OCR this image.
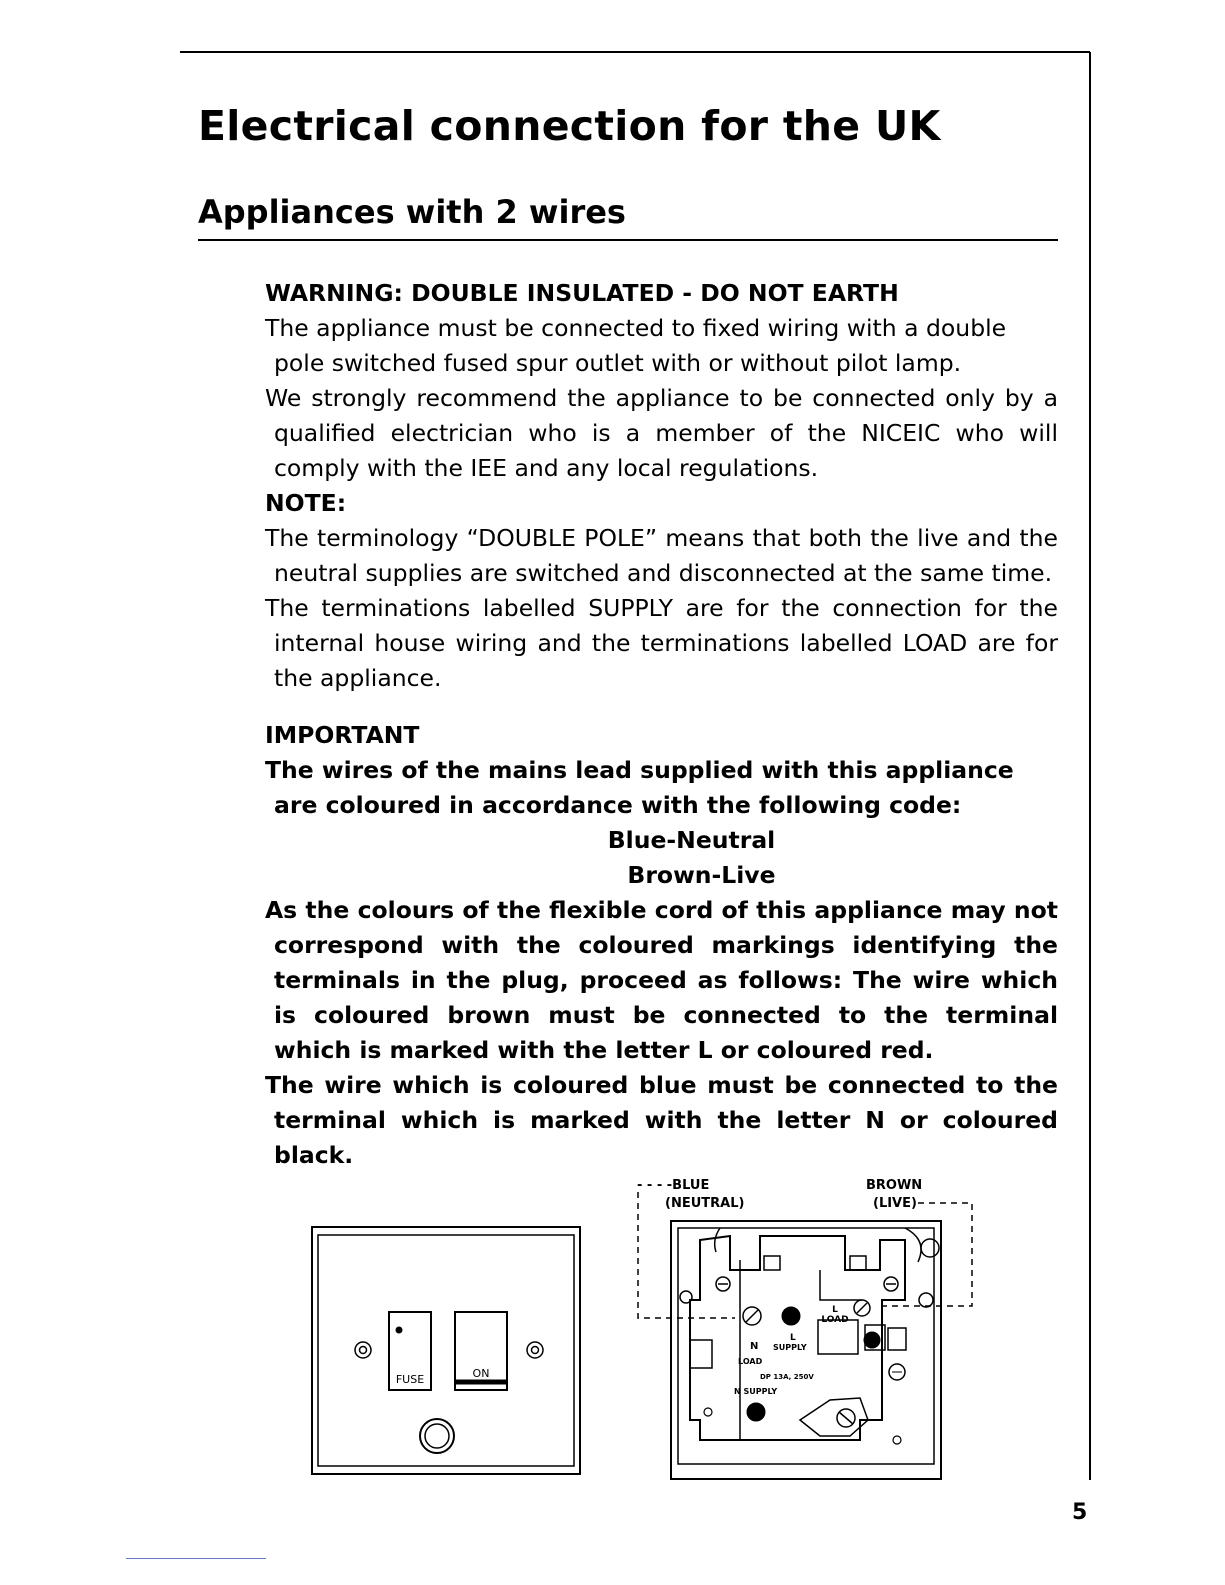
Electrical connection for the UK
Appliances with 2 wires

WARNING: DOUBLE INSULATED - DO NOT EARTH

The appliance must be connected to fixed wiring with a double pole switched fused spur outlet with or without pilot lamp.

We strongly recommend the appliance to be connected only by a qualified electrician who is a member of the NICEIC who will comply with the IEE and any local regulations.

NOTE:

The terminology “DOUBLE POLE” means that both the live and the neutral supplies are switched and disconnected at the same time.

The terminations labelled SUPPLY are for the connection for the internal house wiring and the terminations labelled LOAD are for the appliance.

IMPORTANT

The wires of the mains lead supplied with this appliance are coloured in accordance with the following code:

Blue-Neutral

Brown-Live

As the colours of the flexible cord of this appliance may not correspond with the coloured markings identifying the terminals in the plug, proceed as follows: The wire which is coloured brown must be connected to the terminal which is marked with the letter L or coloured red.

The wire which is coloured blue must be connected to the terminal which is marked with the letter N or coloured black.

FUSE	ON
- - - -BLUE
(NEUTRAL)
BROWN
(LIVE)
L
LOAD
N
L
SUPPLY
LOAD
DP 13A, 250V
N SUPPLY
5
